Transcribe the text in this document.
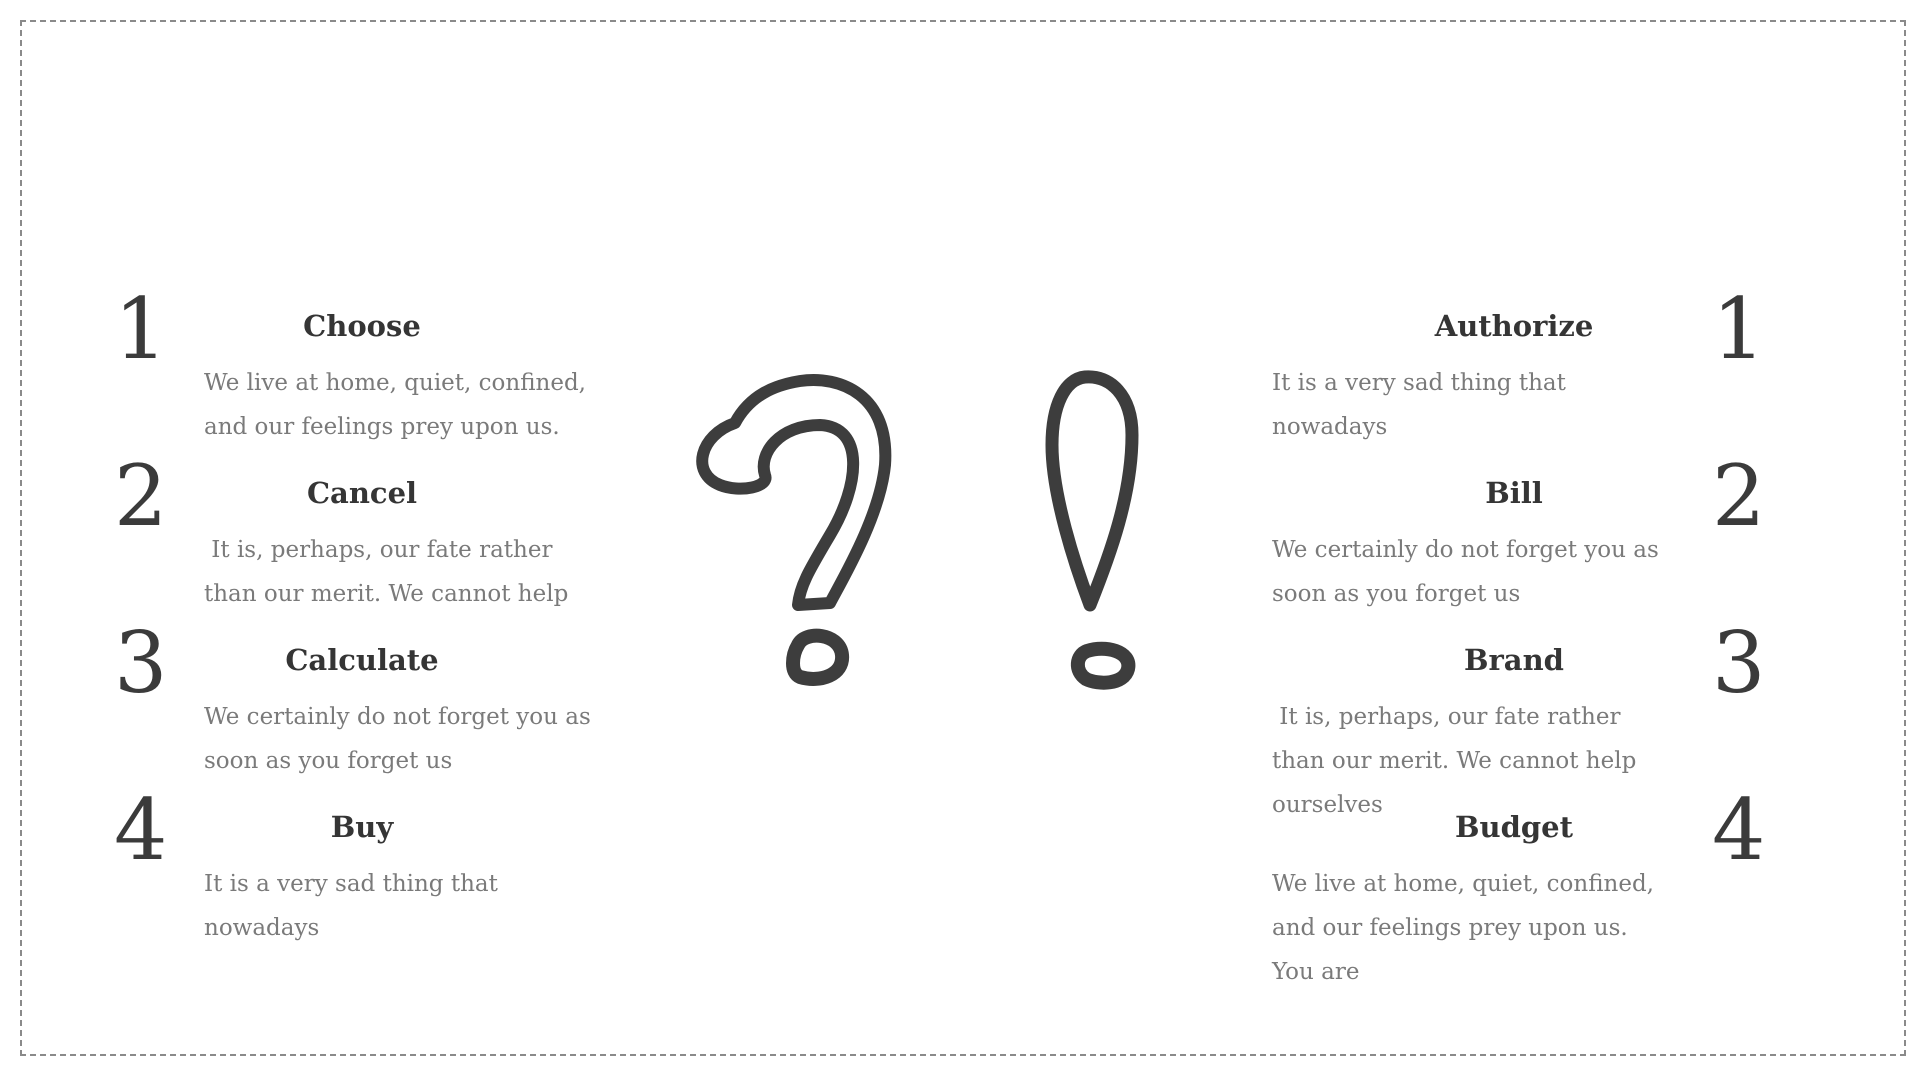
1	Choose
We live at home, quiet, confined,
and our feelings prey upon us.
2	Cancel
It is, perhaps, our fate rather
than our merit. We cannot help
3	Calculate
We certainly do not forget you as
soon as you forget us
4	Buy
It is a very sad thing that
nowadays
Authorize
It is a very sad thing that
nowadays
1
Bill
We certainly do not forget you as
soon as you forget us
2
Brand
It is, perhaps, our fate rather
than our merit. We cannot help
ourselves
3
Budget
We live at home, quiet, confined,
and our feelings prey upon us.
You are
4
